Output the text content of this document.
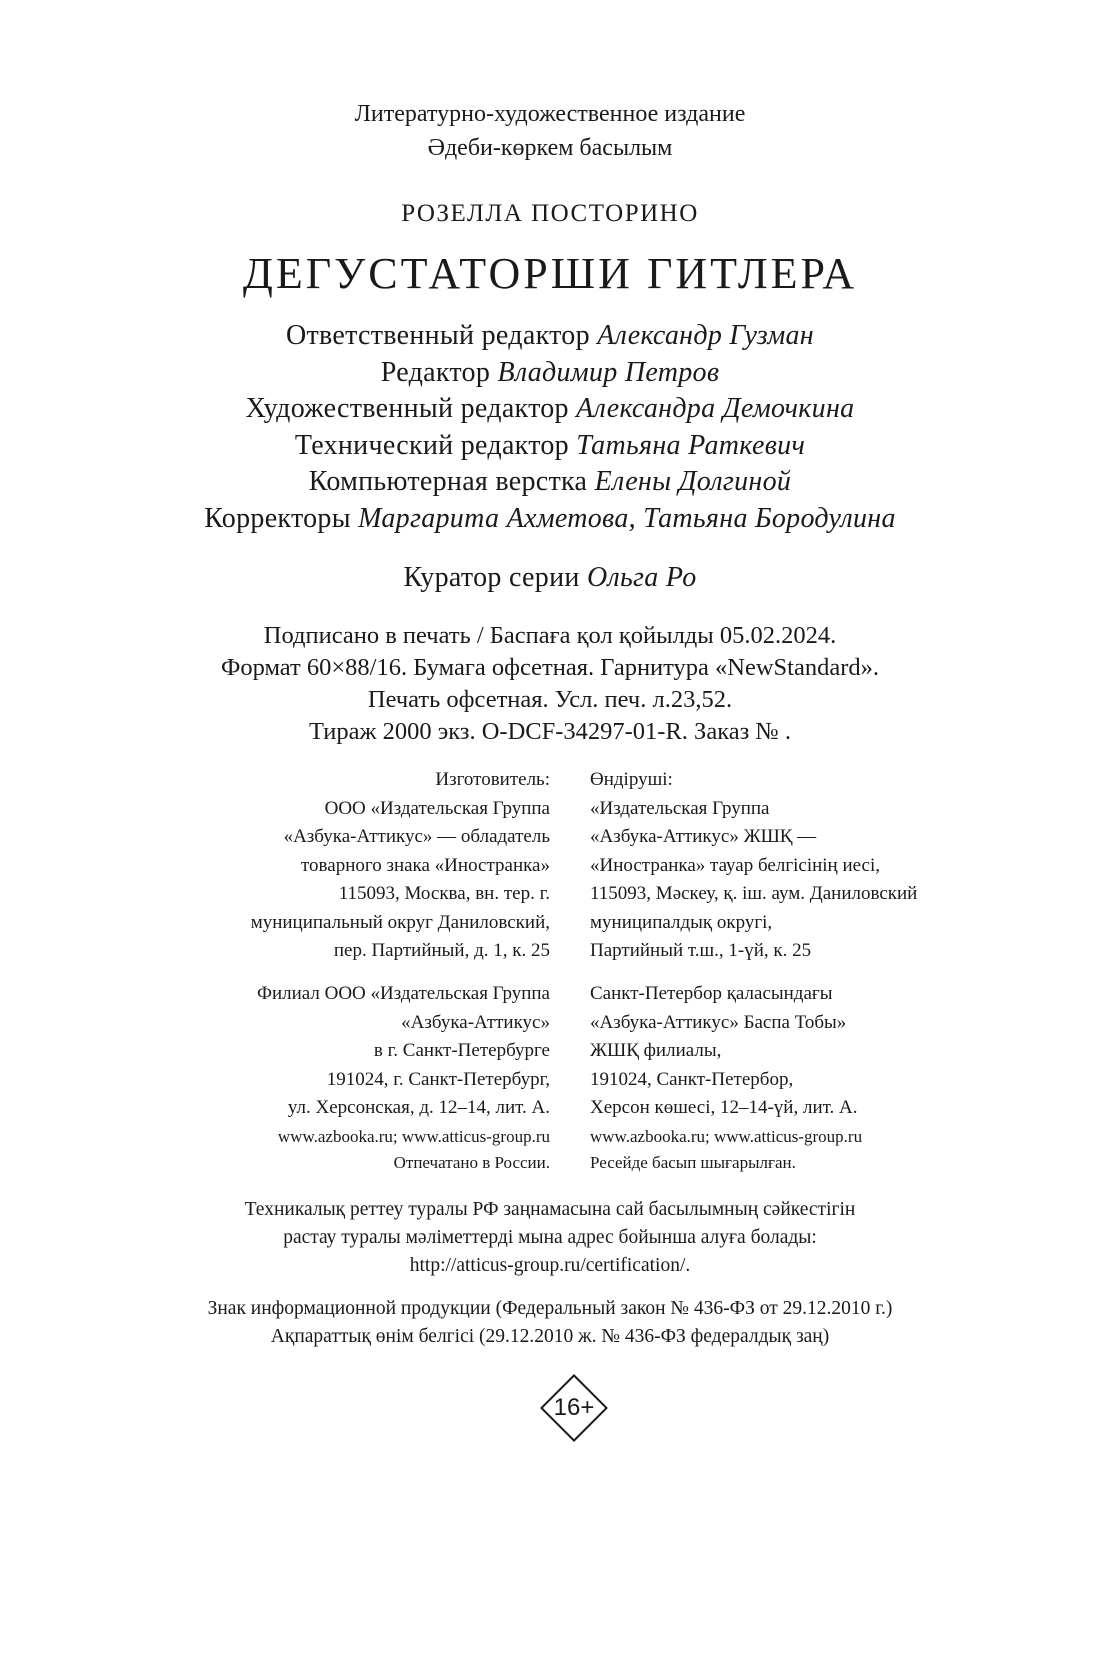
Литературно-художественное издание
Әдеби-көркем басылым
РОЗЕЛЛА ПОСТОРИНО
ДЕГУСТАТОРШИ ГИТЛЕРА
Ответственный редактор Александр Гузман
Редактор Владимир Петров
Художественный редактор Александра Демочкина
Технический редактор Татьяна Раткевич
Компьютерная верстка Елены Долгиной
Корректоры Маргарита Ахметова, Татьяна Бородулина
Куратор серии Ольга Ро
Подписано в печать / Баспаға қол қойылды 05.02.2024.
Формат 60×88/16. Бумага офсетная. Гарнитура «NewStandard».
Печать офсетная. Усл. печ. л.23,52.
Тираж 2000 экз. O-DCF-34297-01-R. Заказ № .
Изготовитель:
ООО «Издательская Группа
«Азбука-Аттикус» — обладатель
товарного знака «Иностранка»
115093, Москва, вн. тер. г.
муниципальный округ Даниловский,
пер. Партийный, д. 1, к. 25
Өндіруші:
«Издательская Группа
«Азбука-Аттикус» ЖШҚ —
«Иностранка» тауар белгісінің иесі,
115093, Мәскеу, қ. іш. аум. Даниловский
муниципалдық округі,
Партийный т.ш., 1-үй, к. 25
Филиал ООО «Издательская Группа
«Азбука-Аттикус»
в г. Санкт-Петербурге
191024, г. Санкт-Петербург,
ул. Херсонская, д. 12–14, лит. А.
Санкт-Петербор қаласындағы
«Азбука-Аттикус» Баспа Тобы»
ЖШҚ филиалы,
191024, Санкт-Петербор,
Херсон көшесі, 12–14-үй, лит. А.
www.azbooka.ru; www.atticus-group.ru
Отпечатано в России.
www.azbooka.ru; www.atticus-group.ru
Ресейде басып шығарылған.
Техникалық реттеу туралы РФ заңнамасына сай басылымның сәйкестігін
растау туралы мәліметтерді мына адрес бойынша алуға болады:
http://atticus-group.ru/certification/.
Знак информационной продукции (Федеральный закон № 436-ФЗ от 29.12.2010 г.)
Ақпараттық өнім белгісі (29.12.2010 ж. № 436-ФЗ федералдық заң)
16+
